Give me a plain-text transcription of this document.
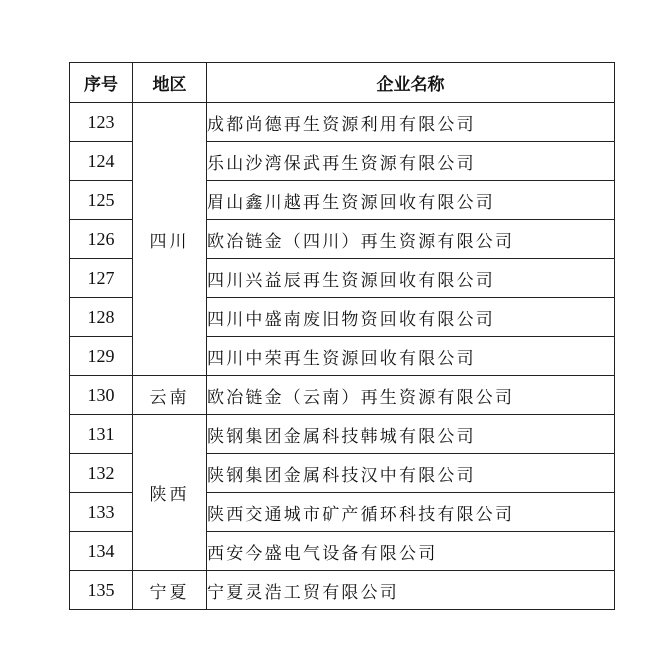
序号	地区	企业名称
123	四川	成都尚德再生资源利用有限公司
124		乐山沙湾保武再生资源有限公司
125		眉山鑫川越再生资源回收有限公司
126		欧冶链金（四川）再生资源有限公司
127		四川兴益辰再生资源回收有限公司
128		四川中盛南废旧物资回收有限公司
129		四川中荣再生资源回收有限公司
130	云南	欧冶链金（云南）再生资源有限公司
131	陕西	陕钢集团金属科技韩城有限公司
132		陕钢集团金属科技汉中有限公司
133		陕西交通城市矿产循环科技有限公司
134		西安今盛电气设备有限公司
135	宁夏	宁夏灵浩工贸有限公司
